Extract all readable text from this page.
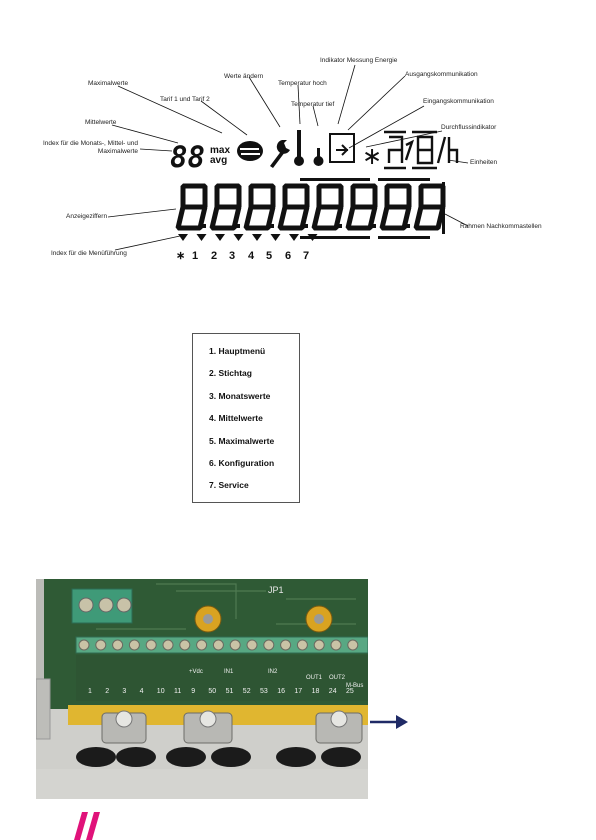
88 max
avg	∗
∗ 1 2 3 4 5 6 7
Indikator Messung Energie
Ausgangskommunikation
Maximalwerte
Werte ändern
Temperatur hoch
Eingangskommunikation
Tarif 1 und Tarif 2
Temperatur tief
Durchflussindikator
Mittelwerte
Index für die Monats-, Mittel- und
Maximalwerte
Einheiten
Anzeigeziffern
Rahmen Nachkommastellen
Index für die Menüführung
1. Hauptmenü
2. Stichtag
3. Monatswerte
4. Mittelwerte
5. Maximalwerte
6. Konfiguration
7. Service
JP1
1 2 3 4 10 11 9 50 51 52 53 16 17 18 24 25
+Vdc	IN1	IN2
OUT1 OUT2
M-Bus
